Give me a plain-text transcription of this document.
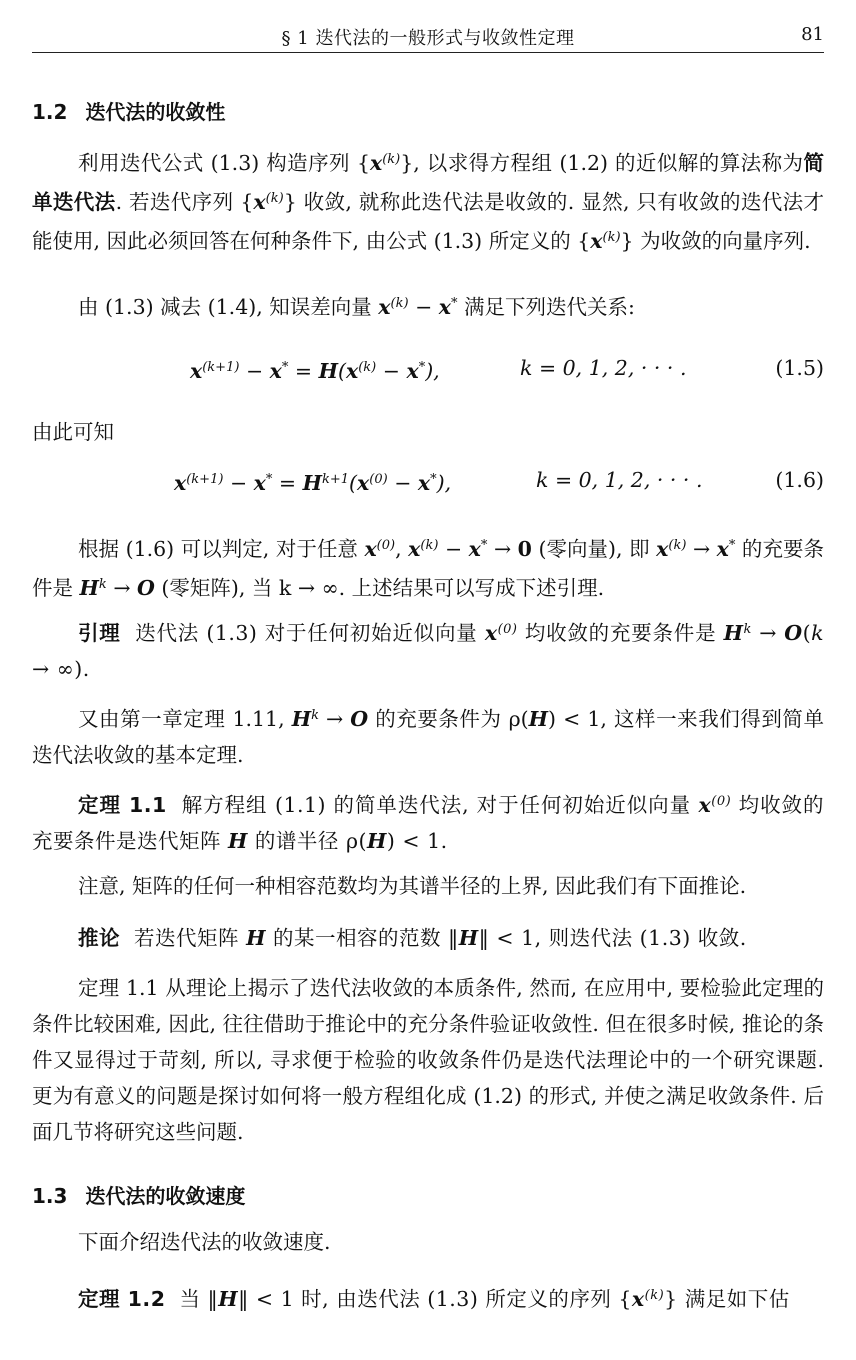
§ 1 迭代法的一般形式与收敛性定理	81
1.2 迭代法的收敛性
利用迭代公式 (1.3) 构造序列 $\{x^{(k)}\}$, 以求得方程组 (1.2) 的近似解的算法称为简单迭代法. 若迭代序列 $\{x^{(k)}\}$ 收敛, 就称此迭代法是收敛的. 显然, 只有收敛的迭代法才能使用, 因此必须回答在何种条件下, 由公式 (1.3) 所定义的 $\{x^{(k)}\}$ 为收敛的向量序列.
由 (1.3) 减去 (1.4), 知误差向量 $x^{(k)} - x^*$ 满足下列迭代关系:
$x^{(k+1)} - x^* = H(x^{(k)} - x^*)$,	k = 0, 1, 2, · · · .	(1.5)
由此可知
$x^{(k+1)} - x^* = H^{k+1}(x^{(0)} - x^*)$,	k = 0, 1, 2, · · · .	(1.6)
根据 (1.6) 可以判定, 对于任意 $x^{(0)}$, $x^{(k)} - x^* \to 0$ (零向量), 即 $x^{(k)} \to x^*$ 的充要条件是 $H^k \to O$ (零矩阵), 当 k → ∞. 上述结果可以写成下述引理.
引理 迭代法 (1.3) 对于任何初始近似向量 $x^{(0)}$ 均收敛的充要条件是 $H^k \to O(k$ → ∞).
又由第一章定理 1.11, $H^k \to O$ 的充要条件为 ρ(H) < 1, 这样一来我们得到简单迭代法收敛的基本定理.
定理 1.1 解方程组 (1.1) 的简单迭代法, 对于任何初始近似向量 $x^{(0)}$ 均收敛的充要条件是迭代矩阵 H 的谱半径 ρ(H) < 1.
注意, 矩阵的任何一种相容范数均为其谱半径的上界, 因此我们有下面推论.
推论 若迭代矩阵 H 的某一相容的范数 ‖H‖ < 1, 则迭代法 (1.3) 收敛.
定理 1.1 从理论上揭示了迭代法收敛的本质条件, 然而, 在应用中, 要检验此定理的条件比较困难, 因此, 往往借助于推论中的充分条件验证收敛性. 但在很多时候, 推论的条件又显得过于苛刻, 所以, 寻求便于检验的收敛条件仍是迭代法理论中的一个研究课题. 更为有意义的问题是探讨如何将一般方程组化成 (1.2) 的形式, 并使之满足收敛条件. 后面几节将研究这些问题.
1.3 迭代法的收敛速度
下面介绍迭代法的收敛速度.
定理 1.2 当 ‖H‖ < 1 时, 由迭代法 (1.3) 所定义的序列 $\{x^{(k)}\}$ 满足如下估
